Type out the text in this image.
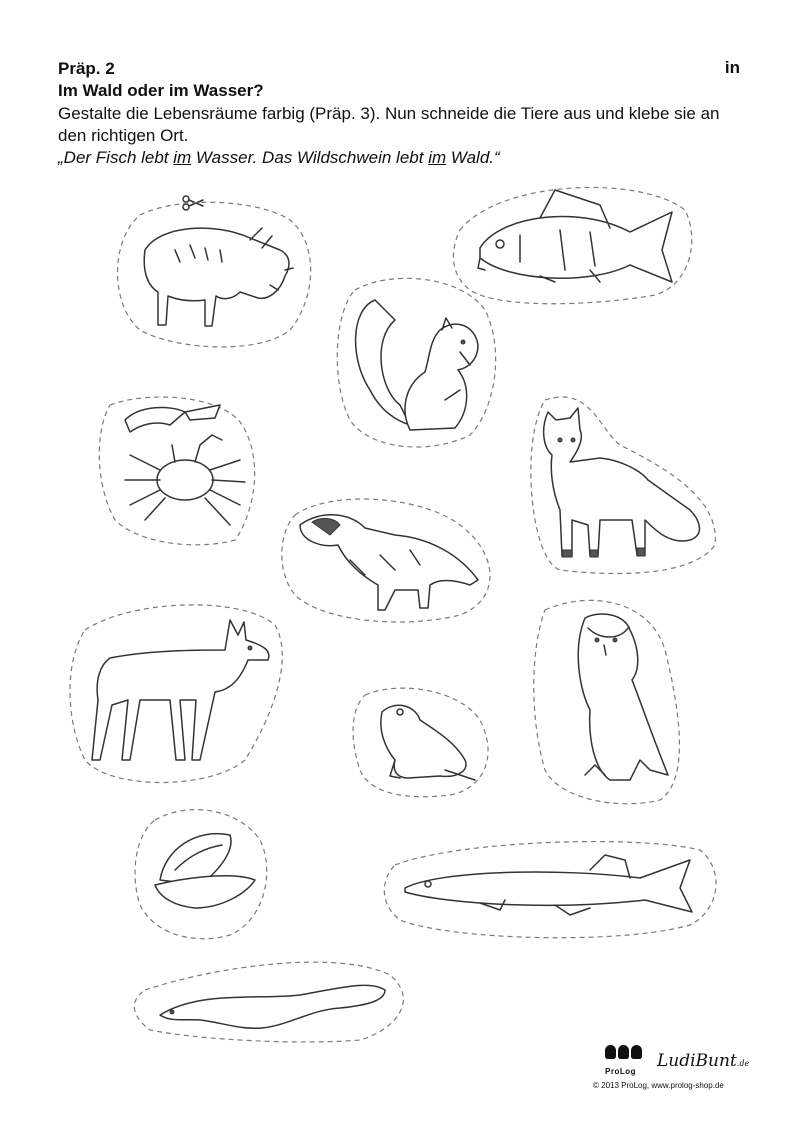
Präp. 2	in
Im Wald oder im Wasser?
Gestalte die Lebensräume farbig (Präp. 3). Nun schneide die Tiere aus und klebe sie an den richtigen Ort.
„Der Fisch lebt im Wasser. Das Wildschwein lebt im Wald.“
ProLog
LudiBunt.de
© 2013 ProLog, www.prolog-shop.de
